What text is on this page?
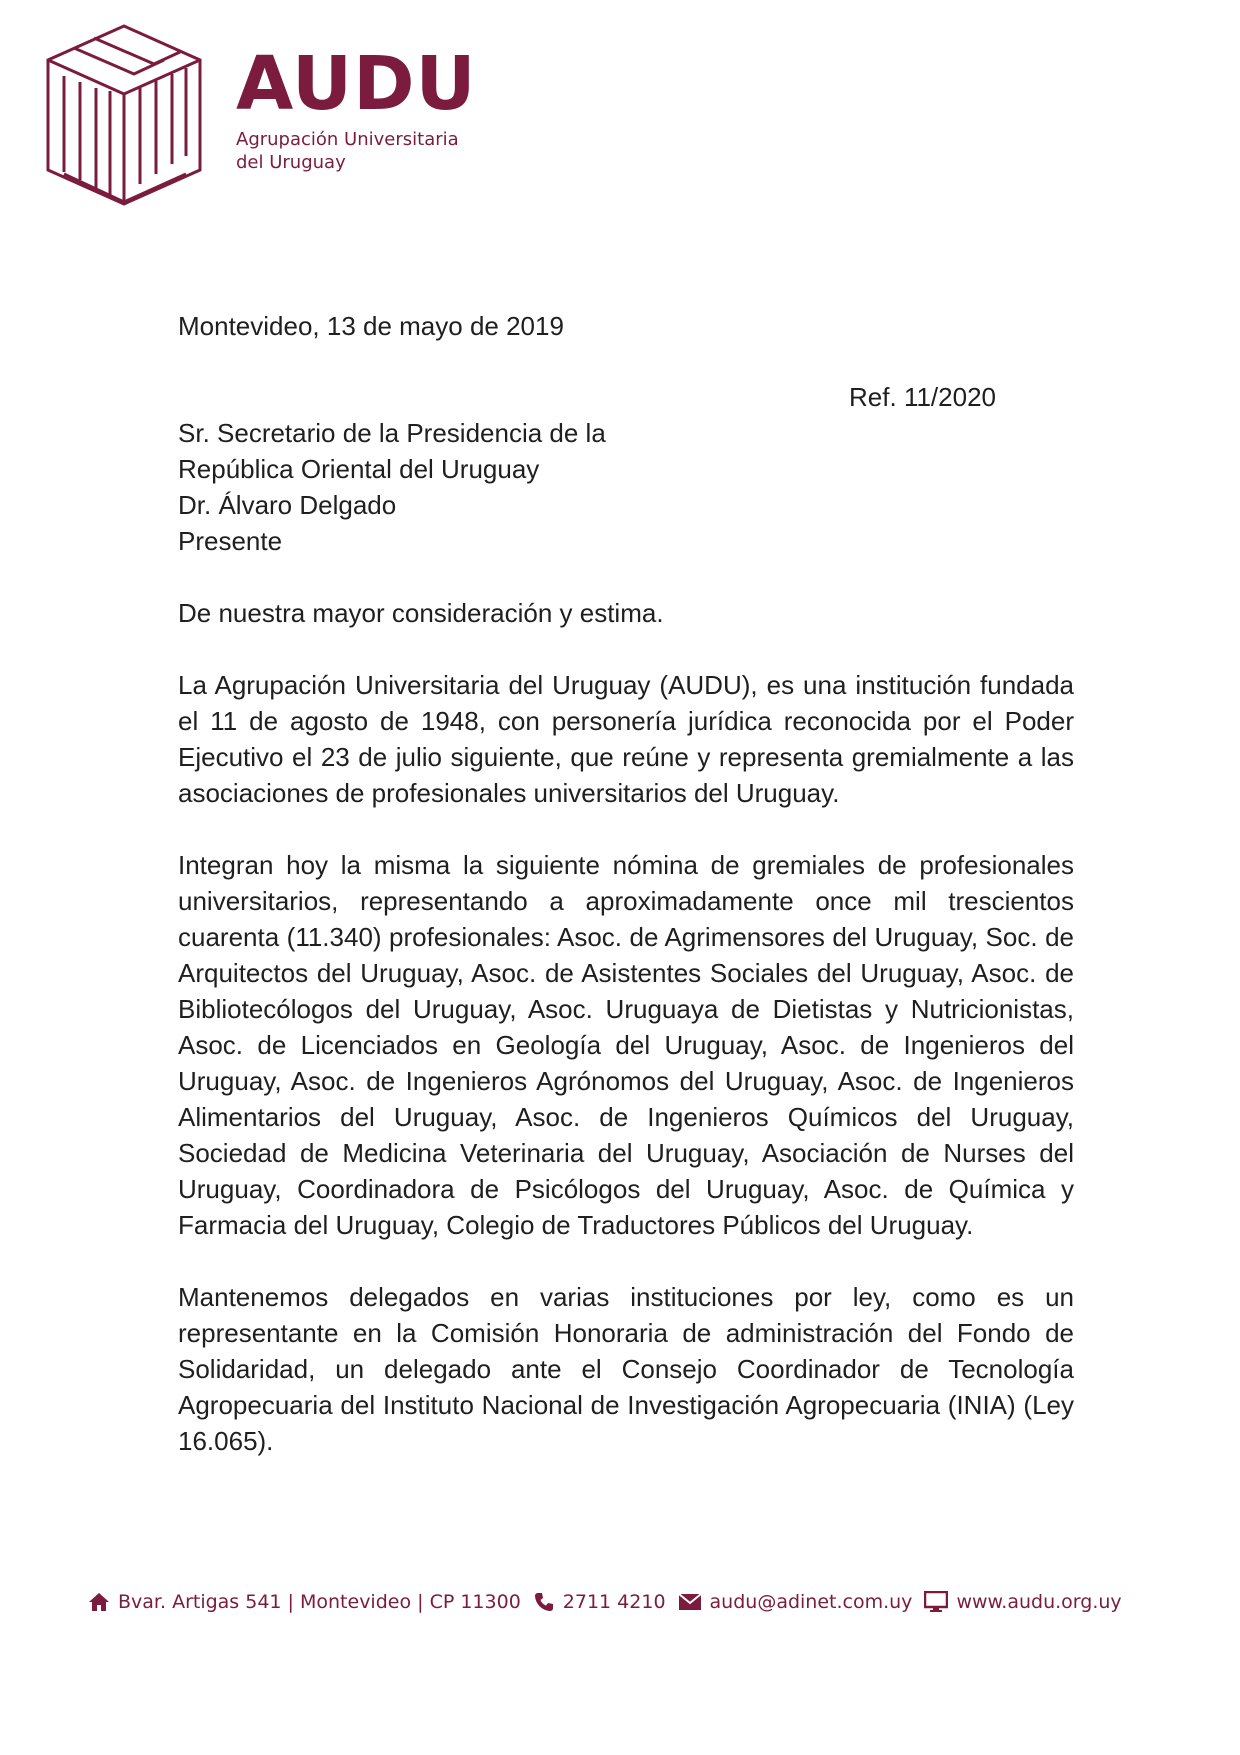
AUDU
Agrupación Universitaria
del Uruguay

Montevideo, 13 de mayo de 2019

Ref. 11/2020

Sr. Secretario de la Presidencia de la

República Oriental del Uruguay

Dr. Álvaro Delgado

Presente

De nuestra mayor consideración y estima.

La Agrupación Universitaria del Uruguay (AUDU), es una institución fundada el 11 de agosto de 1948, con personería jurídica reconocida por el Poder Ejecutivo el 23 de julio siguiente, que reúne y representa gremialmente a las asociaciones de profesionales universitarios del Uruguay.

Integran hoy la misma la siguiente nómina de gremiales de profesionales universitarios, representando a aproximadamente once mil trescientos cuarenta (11.340) profesionales: Asoc. de Agrimensores del Uruguay, Soc. de Arquitectos del Uruguay, Asoc. de Asistentes Sociales del Uruguay, Asoc. de Bibliotecólogos del Uruguay, Asoc. Uruguaya de Dietistas y Nutricionistas, Asoc. de Licenciados en Geología del Uruguay, Asoc. de Ingenieros del Uruguay, Asoc. de Ingenieros Agrónomos del Uruguay, Asoc. de Ingenieros Alimentarios del Uruguay, Asoc. de Ingenieros Químicos del Uruguay, Sociedad de Medicina Veterinaria del Uruguay, Asociación de Nurses del Uruguay, Coordinadora de Psicólogos del Uruguay, Asoc. de Química y Farmacia del Uruguay, Colegio de Traductores Públicos del Uruguay.

Mantenemos delegados en varias instituciones por ley, como es un representante en la Comisión Honoraria de administración del Fondo de Solidaridad, un delegado ante el Consejo Coordinador de Tecnología Agropecuaria del Instituto Nacional de Investigación Agropecuaria (INIA) (Ley 16.065).

Bvar. Artigas 541 | Montevideo | CP 11300 2711 4210 audu@adinet.com.uy www.audu.org.uy
